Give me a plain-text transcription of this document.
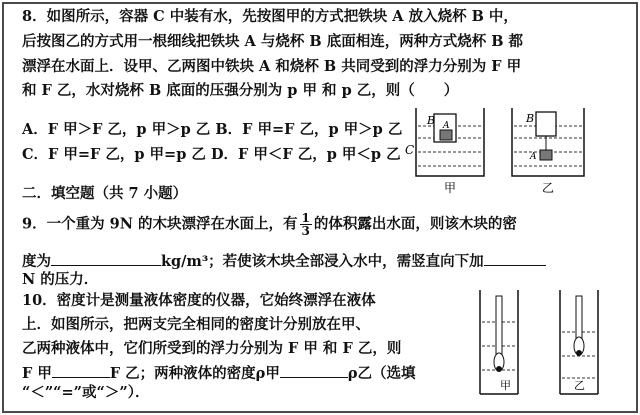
8．如图所示，容器 C 中装有水，先按图甲的方式把铁块 A 放入烧杯 B 中，
后按图乙的方式用一根细线把铁块 A 与烧杯 B 底面相连，两种方式烧杯 B 都
漂浮在水面上．设甲、乙两图中铁块 A 和烧杯 B 共同受到的浮力分别为 F 甲
和 F 乙，水对烧杯 B 底面的压强分别为 p 甲 和 p 乙，则（　　）
A．F 甲＞F 乙，p 甲＞p 乙 B．F 甲=F 乙，p 甲＞p 乙
C．F 甲=F 乙，p 甲=p 乙 D．F 甲＜F 乙，p 甲＜p 乙
B A
C
甲
B
A
乙
二．填空题（共 7 小题）
9．一个重为 9N 的木块漂浮在水面上，有 $\frac{1}{3}$ 的体积露出水面，则该木块的密
度为	kg/m³；若使该木块全部浸入水中，需竖直向下加
N 的压力．
10．密度计是测量液体密度的仪器，它始终漂浮在液体
上．如图所示，把两支完全相同的密度计分别放在甲、
乙两种液体中，它们所受到的浮力分别为 F 甲 和 F 乙，则
F 甲	F 乙；两种液体的密度ρ甲	ρ乙（选填
“＜”“=”或“＞”）．	甲	乙
